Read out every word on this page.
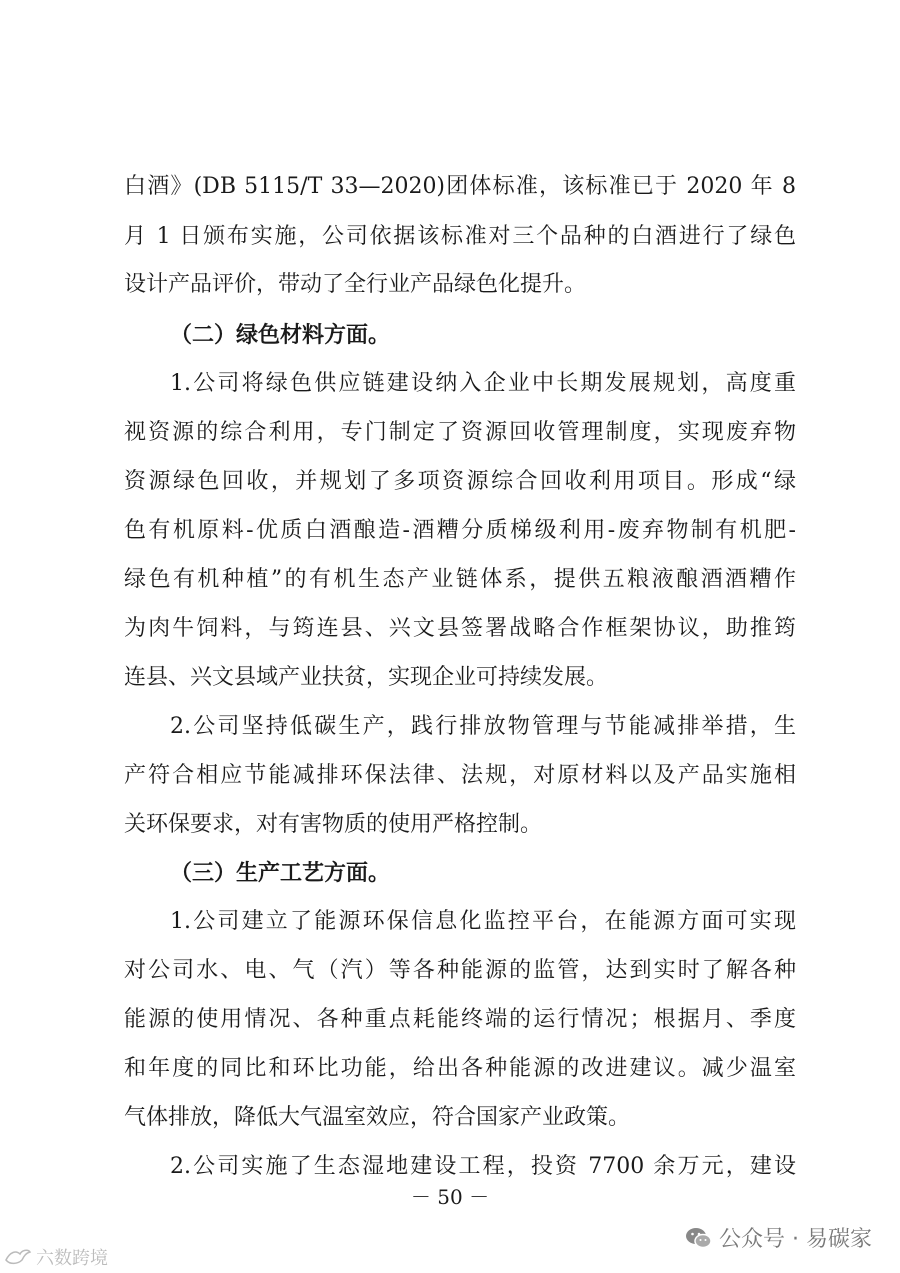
白酒》(DB 5115/T 33—2020)团体标准，该标准已于 2020 年 8
月 1 日颁布实施，公司依据该标准对三个品种的白酒进行了绿色
设计产品评价，带动了全行业产品绿色化提升。
（二）绿色材料方面。
1.公司将绿色供应链建设纳入企业中长期发展规划，高度重
视资源的综合利用，专门制定了资源回收管理制度，实现废弃物
资源绿色回收，并规划了多项资源综合回收利用项目。形成“绿
色有机原料-优质白酒酿造-酒糟分质梯级利用-废弃物制有机肥-
绿色有机种植”的有机生态产业链体系，提供五粮液酿酒酒糟作
为肉牛饲料，与筠连县、兴文县签署战略合作框架协议，助推筠
连县、兴文县域产业扶贫，实现企业可持续发展。
2.公司坚持低碳生产，践行排放物管理与节能减排举措，生
产符合相应节能减排环保法律、法规，对原材料以及产品实施相
关环保要求，对有害物质的使用严格控制。
（三）生产工艺方面。
1.公司建立了能源环保信息化监控平台，在能源方面可实现
对公司水、电、气（汽）等各种能源的监管，达到实时了解各种
能源的使用情况、各种重点耗能终端的运行情况；根据月、季度
和年度的同比和环比功能，给出各种能源的改进建议。减少温室
气体排放，降低大气温室效应，符合国家产业政策。
2.公司实施了生态湿地建设工程，投资 7700 余万元，建设
－ 50 －
公众号 · 易碳家
六数跨境
